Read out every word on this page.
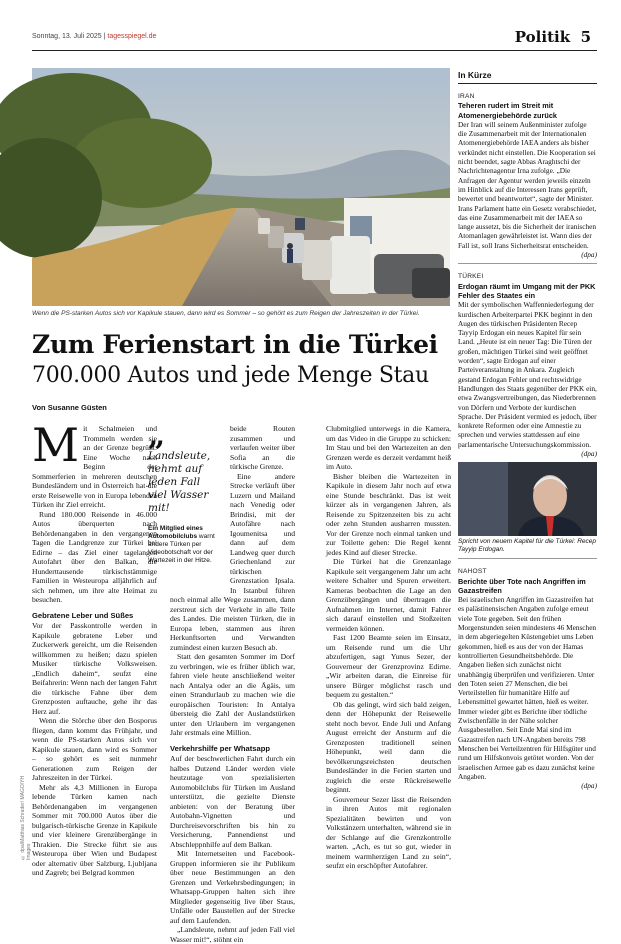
Sonntag, 13. Juli 2025 | tagesspiegel.de	Politik 5
Wenn die PS-starken Autos sich vor Kapikule stauen, dann wird es Sommer – so gehört es zum Reigen der Jahreszeiten in der Türkei.
Zum Ferienstart in die Türkei
700.000 Autos und jede Menge Stau
Von Susanne Güsten

Mit Schalmeien und Trommeln werden sie an der Grenze begrüßt: Eine Woche nach Beginn der Sommerferien in mehreren deutschen Bundesländern und in Österreich hat die erste Reisewelle von in Europa lebenden Türken ihr Ziel erreicht.

Rund 180.000 Reisende in 46.000 Autos überquerten nach Behördenangaben in den vergangenen Tagen die Landgrenze zur Türkei bei Edirne – das Ziel einer tagelangen Autofahrt über den Balkan, die Hunderttausende türkischstämmige Familien in Westeuropa alljährlich auf sich nehmen, um ihre alte Heimat zu besuchen.

Gebratene Leber und Süßes

Vor der Passkontrolle werden in Kapikule gebratene Leber und Zuckerwerk gereicht, um die Reisenden willkommen zu heißen; dazu spielen Musiker türkische Volksweisen. „Endlich daheim“, seufzt eine Beifahrerin: Wenn nach der langen Fahrt die türkische Fahne über dem Grenzposten auftauche, gehe ihr das Herz auf.

Wenn die Störche über den Bosporus fliegen, dann kommt das Frühjahr, und wenn die PS-starken Autos sich vor Kapikule stauen, dann wird es Sommer – so gehört es seit nunmehr Generationen zum Reigen der Jahreszeiten in der Türkei.

Mehr als 4,3 Millionen in Europa lebende Türken kamen nach Behördenangaben im vergangenen Sommer mit 700.000 Autos über die bulgarisch-türkische Grenze in Kapikule und vier kleinere Grenzübergänge in Thrakien. Die Strecke führt sie aus Westeuropa über Wien und Budapest oder alternativ über Salzburg, Ljubljana und Zagreb; bei Belgrad kommen

beide Routen zusammen und verlaufen weiter über Sofia an die türkische Grenze.

Eine andere Strecke verläuft über Luzern und Mailand nach Venedig oder Brindisi, mit der Autofähre nach Igoumenitsa und dann auf dem Landweg quer durch Griechenland zur türkischen Grenzstation Ipsala. In Istanbul führen noch einmal alle Wege zusammen, dann zerstreut sich der Verkehr in alle Teile des Landes. Die meisten Türken, die in Europa leben, stammen aus ihren Herkunftsorten und Verwandten zumindest einen kurzen Besuch ab.

Statt den gesamten Sommer im Dorf zu verbringen, wie es früher üblich war, fahren viele heute anschließend weiter nach Antalya oder an die Ägäis, um einen Strandurlaub zu machen wie die europäischen Touristen: In Antalya übersteig die Zahl der Auslandstürken unter den Urlaubern im vergangenen Jahr erstmals eine Million.

Verkehrshilfe per Whatsapp

Auf der beschwerlichen Fahrt durch ein halbes Dutzend Länder werden viele heutzutage von spezialisierten Automobilclubs für Türken im Ausland unterstützt, die gezielte Dienste anbieten: von der Beratung über Autobahn-Vignetten und Durchreisevorschriften bis hin zu Versicherung, Pannendienst und Abschleppnhilfe auf dem Balkan.

Mit Internetseiten und Facebook-Gruppen informieren sie ihr Publikum über neue Bestimmungen an den Grenzen und Verkehrsbedingungen; in Whatsapp-Gruppen halten sich ihre Mitglieder gegenseitig live über Staus, Unfälle oder Baustellen auf der Strecke auf dem Laufenden.

„Landsleute, nehmt auf jeden Fall viel Wasser mit!“, stöhnt ein

„
Landsleute, nehmt auf jeden Fall viel Wasser mit!
Ein Mitglied eines Automobilclubs warnt andere Türken per Videobotschaft vor der Wartezeit in der Hitze.

Clubmitglied unterwegs in die Kamera, um das Video in die Gruppe zu schicken: Im Stau und bei den Wartezeiten an den Grenzen werde es derzeit verdammt heiß im Auto.

Bisher bleiben die Wartezeiten in Kapikule in diesem Jahr noch auf etwa eine Stunde beschränkt. Das ist weit kürzer als in vergangenen Jahren, als Reisende zu Spitzenzeiten bis zu acht oder zehn Stunden ausharren mussten. Vor der Grenze noch einmal tanken und zur Toilette gehen: Die Regel kennt jedes Kind auf dieser Strecke.

Die Türkei hat die Grenzanlage Kapikule seit vergangenem Jahr um acht weitere Schalter und Spuren erweitert. Kameras beobachten die Lage an den Grenzübergängen und übertragen die Aufnahmen im Internet, damit Fahrer sich darauf einstellen und Stoßzeiten vermeiden können.

Fast 1200 Beamte seien im Einsatz, um Reisende rund um die Uhr abzufertigen, sagt Yunus Sezer, der Gouverneur der Grenzprovinz Edirne. „Wir arbeiten daran, die Einreise für unsere Bürger möglichst rasch und bequem zu gestalten.“

Ob das gelingt, wird sich bald zeigen, denn der Höhepunkt der Reisewelle steht noch bevor. Ende Juli und Anfang August erreicht der Ansturm auf die Grenzposten traditionell seinen Höhepunkt, weil dann die bevölkerungsreichsten deutschen Bundesländer in die Ferien starten und zugleich die erste Rückreisewelle beginnt.

Gouverneur Sezer lässt die Reisenden in ihren Autos mit regionalen Spezialitäten bewirten und von Volkstänzern unterhalten, während sie in der Schlange auf die Grenzkontrolle warten. „Ach, es tut so gut, wieder in meinem warmherzigen Land zu sein“, seufzt ein erschöpfter Autofahrer.

In Kürze
IRAN
Teheren rudert im Streit mit Atomenergiebehörde zurück
Der Iran will seinem Außenminister zufolge die Zusammenarbeit mit der Internationalen Atomenergiebehörde IAEA anders als bisher verkündet nicht einstellen. Die Kooperation sei nicht beendet, sagte Abbas Araghtschi der Nachrichtenagentur Irna zufolge. „Die Anfragen der Agentur werden jeweils einzeln im Hinblick auf die Interessen Irans geprüft, bewertet und beantwortet“, sagte der Minister. Irans Parlament hatte ein Gesetz verabschiedet, das eine Zusammenarbeit mit der IAEA so lange aussetzt, bis die Sicherheit der iranischen Atomanlagen gewährleistet ist. Wann dies der Fall ist, soll Irans Sicherheitsrat entscheiden.
(dpa)
TÜRKEI
Erdogan räumt im Umgang mit der PKK Fehler des Staates ein
Mit der symbolischen Waffenniederlegung der kurdischen Arbeiterpartei PKK beginnt in den Augen des türkischen Präsidenten Recep Tayyip Erdogan ein neues Kapitel für sein Land. „Heute ist ein neuer Tag: Die Türen der großen, mächtigen Türkei sind weit geöffnet worden“, sagte Erdogan auf einer Parteiveranstaltung in Ankara. Zugleich gestand Erdogan Fehler und rechtswidrige Handlungen des Staats gegenüber der PKK ein, etwa Zwangsvertreibungen, das Niederbrennen von Dörfern und Verbote der kurdischen Sprache. Der Präsident vermied es jedoch, über konkrete Reformen oder eine Amnestie zu sprechen und verwies stattdessen auf eine parlamentarische Untersuchungskommission.
(dpa)
Spricht von neuem Kapitel für die Türkei: Recep Tayyip Erdogan.
NAHOST
Berichte über Tote nach Angriffen im Gazastreifen
Bei israelischen Angriffen im Gazastreifen hat es palästinensischen Angaben zufolge erneut viele Tote gegeben. Seit den frühen Morgenstunden seien mindestens 46 Menschen in dem abgeriegelten Küstengebiet ums Leben gekommen, hieß es aus der von der Hamas kontrollierten Gesundheitsbehörde. Die Angaben ließen sich zunächst nicht unabhängig überprüfen und verifizieren. Unter den Toten seien 27 Menschen, die bei Verteilstellen für humanitäre Hilfe auf Lebensmittel gewartet hätten, hieß es weiter. Immer wieder gibt es Berichte über tödliche Zwischenfälle in der Nähe solcher Ausgabestellen. Seit Ende Mai sind im Gazastreifen nach UN-Angaben bereits 798 Menschen bei Verteilzentren für Hilfsgüter und rund um Hilfskonvois getötet worden. Von der israelischen Armee gab es dazu zunächst keine Angaben.
(dpa)
© dpa/Matthias Schrader/ MAGO/YH Images
